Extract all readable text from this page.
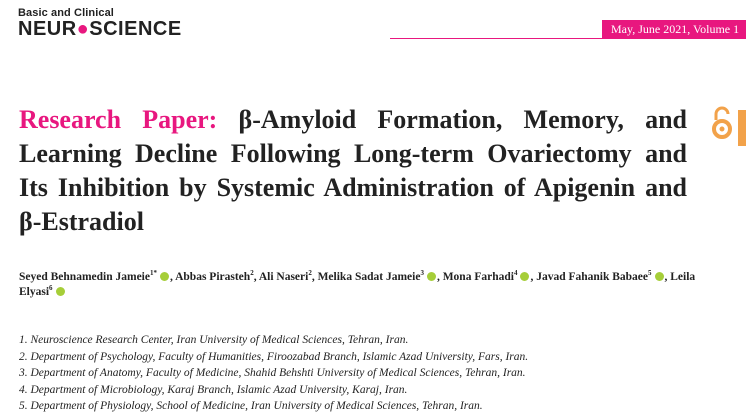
Basic and Clinical
NEUR●SCIENCE	May, June 2021, Volume 1
Research Paper: β-Amyloid Formation, Memory, and Learning Decline Following Long-term Ovariectomy and Its Inhibition by Systemic Administration of Apigenin and β-Estradiol
Seyed Behnamedin Jameie$^{1*}$ , Abbas Pirasteh$^2$, Ali Naseri$^2$, Melika Sadat Jameie$^3$ , Mona Farhadi$^4$ , Javad Fahanik Babaee$^5$ , Leila
Elyasi$^6$
1. Neuroscience Research Center, Iran University of Medical Sciences, Tehran, Iran.
2. Department of Psychology, Faculty of Humanities, Firoozabad Branch, Islamic Azad University, Fars, Iran.
3. Department of Anatomy, Faculty of Medicine, Shahid Behshti University of Medical Sciences, Tehran, Iran.
4. Department of Microbiology, Karaj Branch, Islamic Azad University, Karaj, Iran.
5. Department of Physiology, School of Medicine, Iran University of Medical Sciences, Tehran, Iran.
